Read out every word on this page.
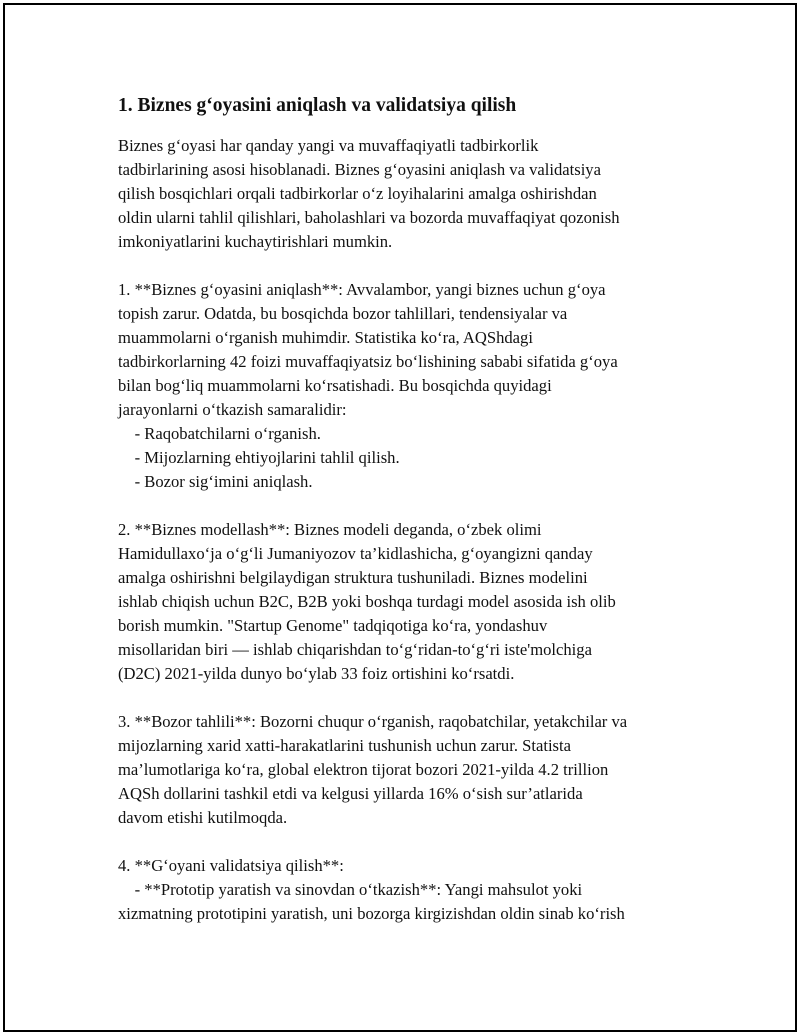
1. Biznes g‘oyasini aniqlash va validatsiya qilish
Biznes g‘oyasi har qanday yangi va muvaffaqiyatli tadbirkorlik
tadbirlarining asosi hisoblanadi. Biznes g‘oyasini aniqlash va validatsiya
qilish bosqichlari orqali tadbirkorlar o‘z loyihalarini amalga oshirishdan
oldin ularni tahlil qilishlari, baholashlari va bozorda muvaffaqiyat qozonish
imkoniyatlarini kuchaytirishlari mumkin.
1. **Biznes g‘oyasini aniqlash**: Avvalambor, yangi biznes uchun g‘oya
topish zarur. Odatda, bu bosqichda bozor tahlillari, tendensiyalar va
muammolarni o‘rganish muhimdir. Statistika ko‘ra, AQShdagi
tadbirkorlarning 42 foizi muvaffaqiyatsiz bo‘lishining sababi sifatida g‘oya
bilan bog‘liq muammolarni ko‘rsatishadi. Bu bosqichda quyidagi
jarayonlarni o‘tkazish samaralidir:
- Raqobatchilarni o‘rganish.
- Mijozlarning ehtiyojlarini tahlil qilish.
- Bozor sig‘imini aniqlash.
2. **Biznes modellash**: Biznes modeli deganda, o‘zbek olimi
Hamidullaxo‘ja o‘g‘li Jumaniyozov ta’kidlashicha, g‘oyangizni qanday
amalga oshirishni belgilaydigan struktura tushuniladi. Biznes modelini
ishlab chiqish uchun B2C, B2B yoki boshqa turdagi model asosida ish olib
borish mumkin. "Startup Genome" tadqiqotiga ko‘ra, yondashuv
misollaridan biri — ishlab chiqarishdan to‘g‘ridan-to‘g‘ri iste'molchiga
(D2C) 2021-yilda dunyo bo‘ylab 33 foiz ortishini ko‘rsatdi.
3. **Bozor tahlili**: Bozorni chuqur o‘rganish, raqobatchilar, yetakchilar va
mijozlarning xarid xatti-harakatlarini tushunish uchun zarur. Statista
ma’lumotlariga ko‘ra, global elektron tijorat bozori 2021-yilda 4.2 trillion
AQSh dollarini tashkil etdi va kelgusi yillarda 16% o‘sish sur’atlarida
davom etishi kutilmoqda.
4. **G‘oyani validatsiya qilish**:
- **Prototip yaratish va sinovdan o‘tkazish**: Yangi mahsulot yoki
xizmatning prototipini yaratish, uni bozorga kirgizishdan oldin sinab ko‘rish
